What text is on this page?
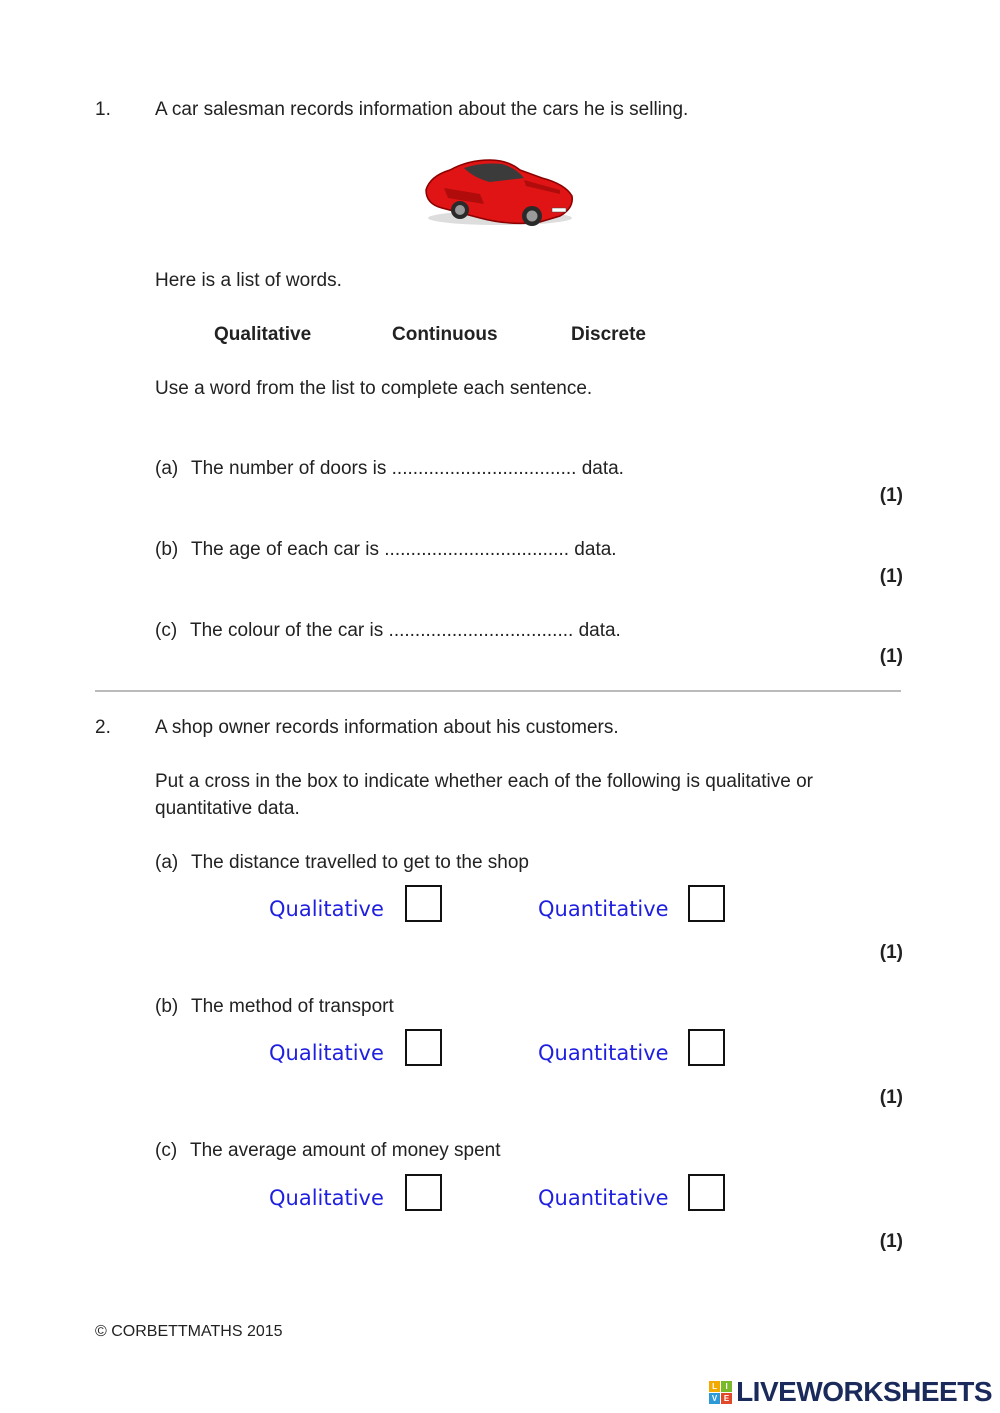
1. A car salesman records information about the cars he is selling.
Here is a list of words.
Qualitative	Continuous	Discrete
Use a word from the list to complete each sentence.
(a) The number of doors is ................................... data.
(1)
(b) The age of each car is ................................... data.
(1)
(c) The colour of the car is ................................... data.
(1)
2. A shop owner records information about his customers.
Put a cross in the box to indicate whether each of the following is qualitative or
quantitative data.
(a) The distance travelled to get to the shop
Qualitative	Quantitative
(1)
(b) The method of transport
Qualitative	Quantitative
(1)
(c) The average amount of money spent
Qualitative	Quantitative
(1)
© CORBETTMATHS 2015
L	I
V E LIVEWORKSHEETS
